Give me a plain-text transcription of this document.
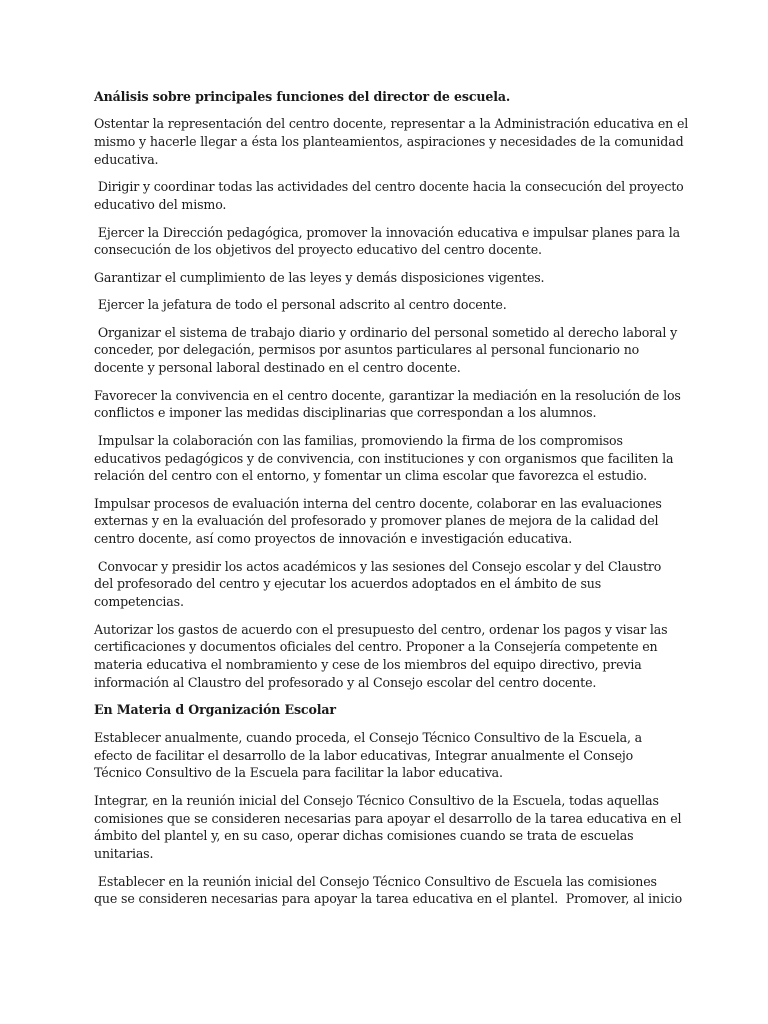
Análisis sobre principales funciones del director de escuela.

Ostentar la representación del centro docente, representar a la Administración educativa en el
mismo y hacerle llegar a ésta los planteamientos, aspiraciones y necesidades de la comunidad
educativa.

Dirigir y coordinar todas las actividades del centro docente hacia la consecución del proyecto
educativo del mismo.

Ejercer la Dirección pedagógica, promover la innovación educativa e impulsar planes para la
consecución de los objetivos del proyecto educativo del centro docente.

Garantizar el cumplimiento de las leyes y demás disposiciones vigentes.

Ejercer la jefatura de todo el personal adscrito al centro docente.

Organizar el sistema de trabajo diario y ordinario del personal sometido al derecho laboral y
conceder, por delegación, permisos por asuntos particulares al personal funcionario no
docente y personal laboral destinado en el centro docente.

Favorecer la convivencia en el centro docente, garantizar la mediación en la resolución de los
conflictos e imponer las medidas disciplinarias que correspondan a los alumnos.

Impulsar la colaboración con las familias, promoviendo la firma de los compromisos
educativos pedagógicos y de convivencia, con instituciones y con organismos que faciliten la
relación del centro con el entorno, y fomentar un clima escolar que favorezca el estudio.

Impulsar procesos de evaluación interna del centro docente, colaborar en las evaluaciones
externas y en la evaluación del profesorado y promover planes de mejora de la calidad del
centro docente, así como proyectos de innovación e investigación educativa.

Convocar y presidir los actos académicos y las sesiones del Consejo escolar y del Claustro
del profesorado del centro y ejecutar los acuerdos adoptados en el ámbito de sus
competencias.

Autorizar los gastos de acuerdo con el presupuesto del centro, ordenar los pagos y visar las
certificaciones y documentos oficiales del centro. Proponer a la Consejería competente en
materia educativa el nombramiento y cese de los miembros del equipo directivo, previa
información al Claustro del profesorado y al Consejo escolar del centro docente.

En Materia d Organización Escolar

Establecer anualmente, cuando proceda, el Consejo Técnico Consultivo de la Escuela, a
efecto de facilitar el desarrollo de la labor educativas, Integrar anualmente el Consejo
Técnico Consultivo de la Escuela para facilitar la labor educativa.

Integrar, en la reunión inicial del Consejo Técnico Consultivo de la Escuela, todas aquellas
comisiones que se consideren necesarias para apoyar el desarrollo de la tarea educativa en el
ámbito del plantel y, en su caso, operar dichas comisiones cuando se trata de escuelas
unitarias.

Establecer en la reunión inicial del Consejo Técnico Consultivo de Escuela las comisiones
que se consideren necesarias para apoyar la tarea educativa en el plantel.  Promover, al inicio
